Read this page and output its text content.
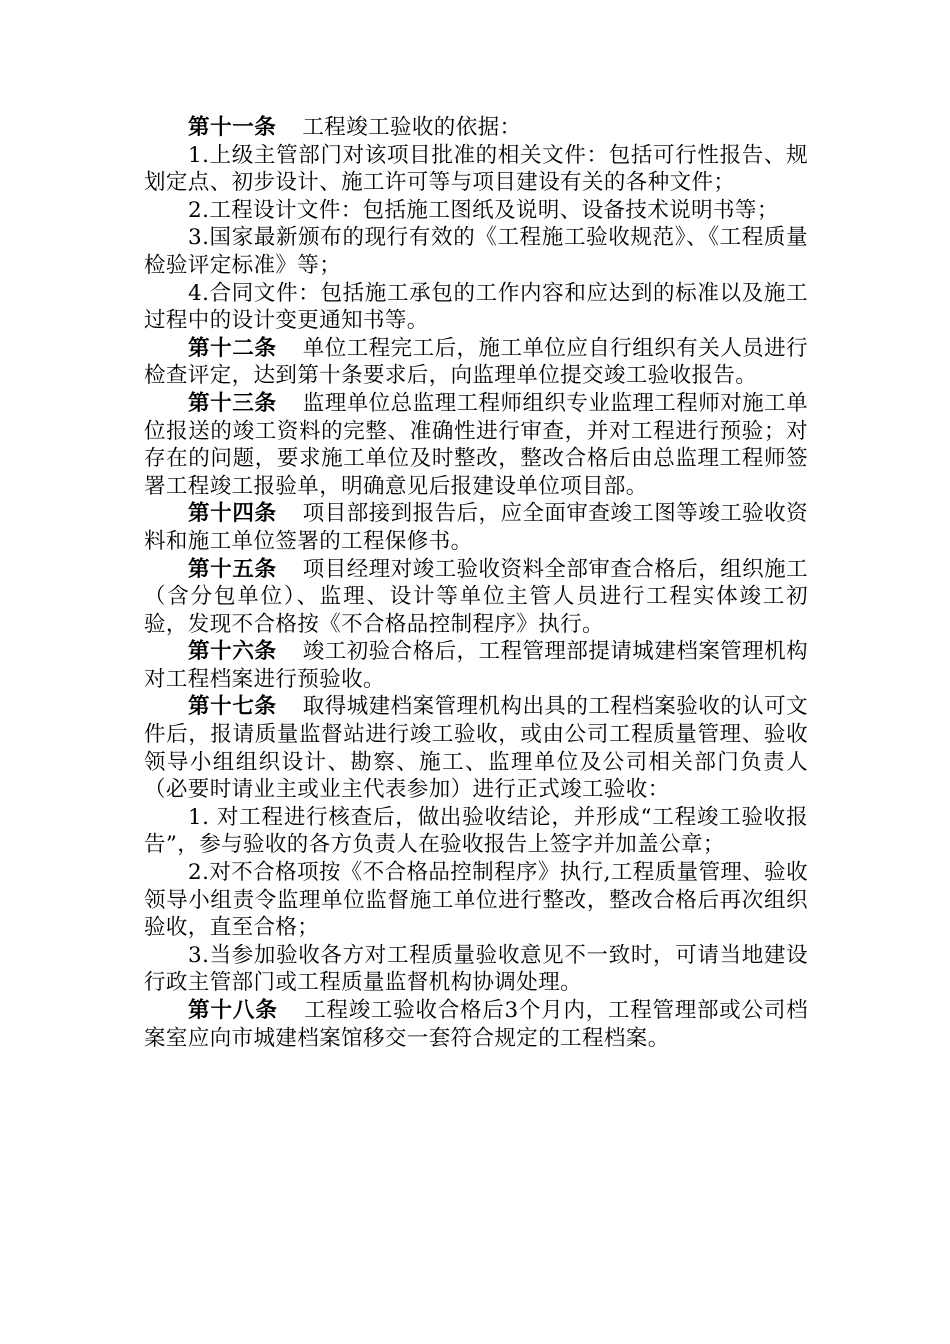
第十一条 工程竣工验收的依据：

1.上级主管部门对该项目批准的相关文件：包括可行性报告、规划定点、初步设计、施工许可等与项目建设有关的各种文件；

2.工程设计文件：包括施工图纸及说明、设备技术说明书等；

3.国家最新颁布的现行有效的《工程施工验收规范》、《工程质量检验评定标准》等；

4.合同文件：包括施工承包的工作内容和应达到的标准以及施工过程中的设计变更通知书等。

第十二条 单位工程完工后，施工单位应自行组织有关人员进行检查评定，达到第十条要求后，向监理单位提交竣工验收报告。

第十三条 监理单位总监理工程师组织专业监理工程师对施工单位报送的竣工资料的完整、准确性进行审查，并对工程进行预验；对存在的问题，要求施工单位及时整改，整改合格后由总监理工程师签署工程竣工报验单，明确意见后报建设单位项目部。

第十四条 项目部接到报告后，应全面审查竣工图等竣工验收资料和施工单位签署的工程保修书。

第十五条 项目经理对竣工验收资料全部审查合格后，组织施工（含分包单位）、监理、设计等单位主管人员进行工程实体竣工初验，发现不合格按《不合格品控制程序》执行。

第十六条 竣工初验合格后，工程管理部提请城建档案管理机构对工程档案进行预验收。

第十七条 取得城建档案管理机构出具的工程档案验收的认可文件后，报请质量监督站进行竣工验收，或由公司工程质量管理、验收领导小组组织设计、勘察、施工、监理单位及公司相关部门负责人（必要时请业主或业主代表参加）进行正式竣工验收：

1. 对工程进行核查后，做出验收结论，并形成“工程竣工验收报告”，参与验收的各方负责人在验收报告上签字并加盖公章；

2.对不合格项按《不合格品控制程序》执行,工程质量管理、验收领导小组责令监理单位监督施工单位进行整改，整改合格后再次组织验收，直至合格；

3.当参加验收各方对工程质量验收意见不一致时，可请当地建设行政主管部门或工程质量监督机构协调处理。

第十八条 工程竣工验收合格后3个月内，工程管理部或公司档案室应向市城建档案馆移交一套符合规定的工程档案。
